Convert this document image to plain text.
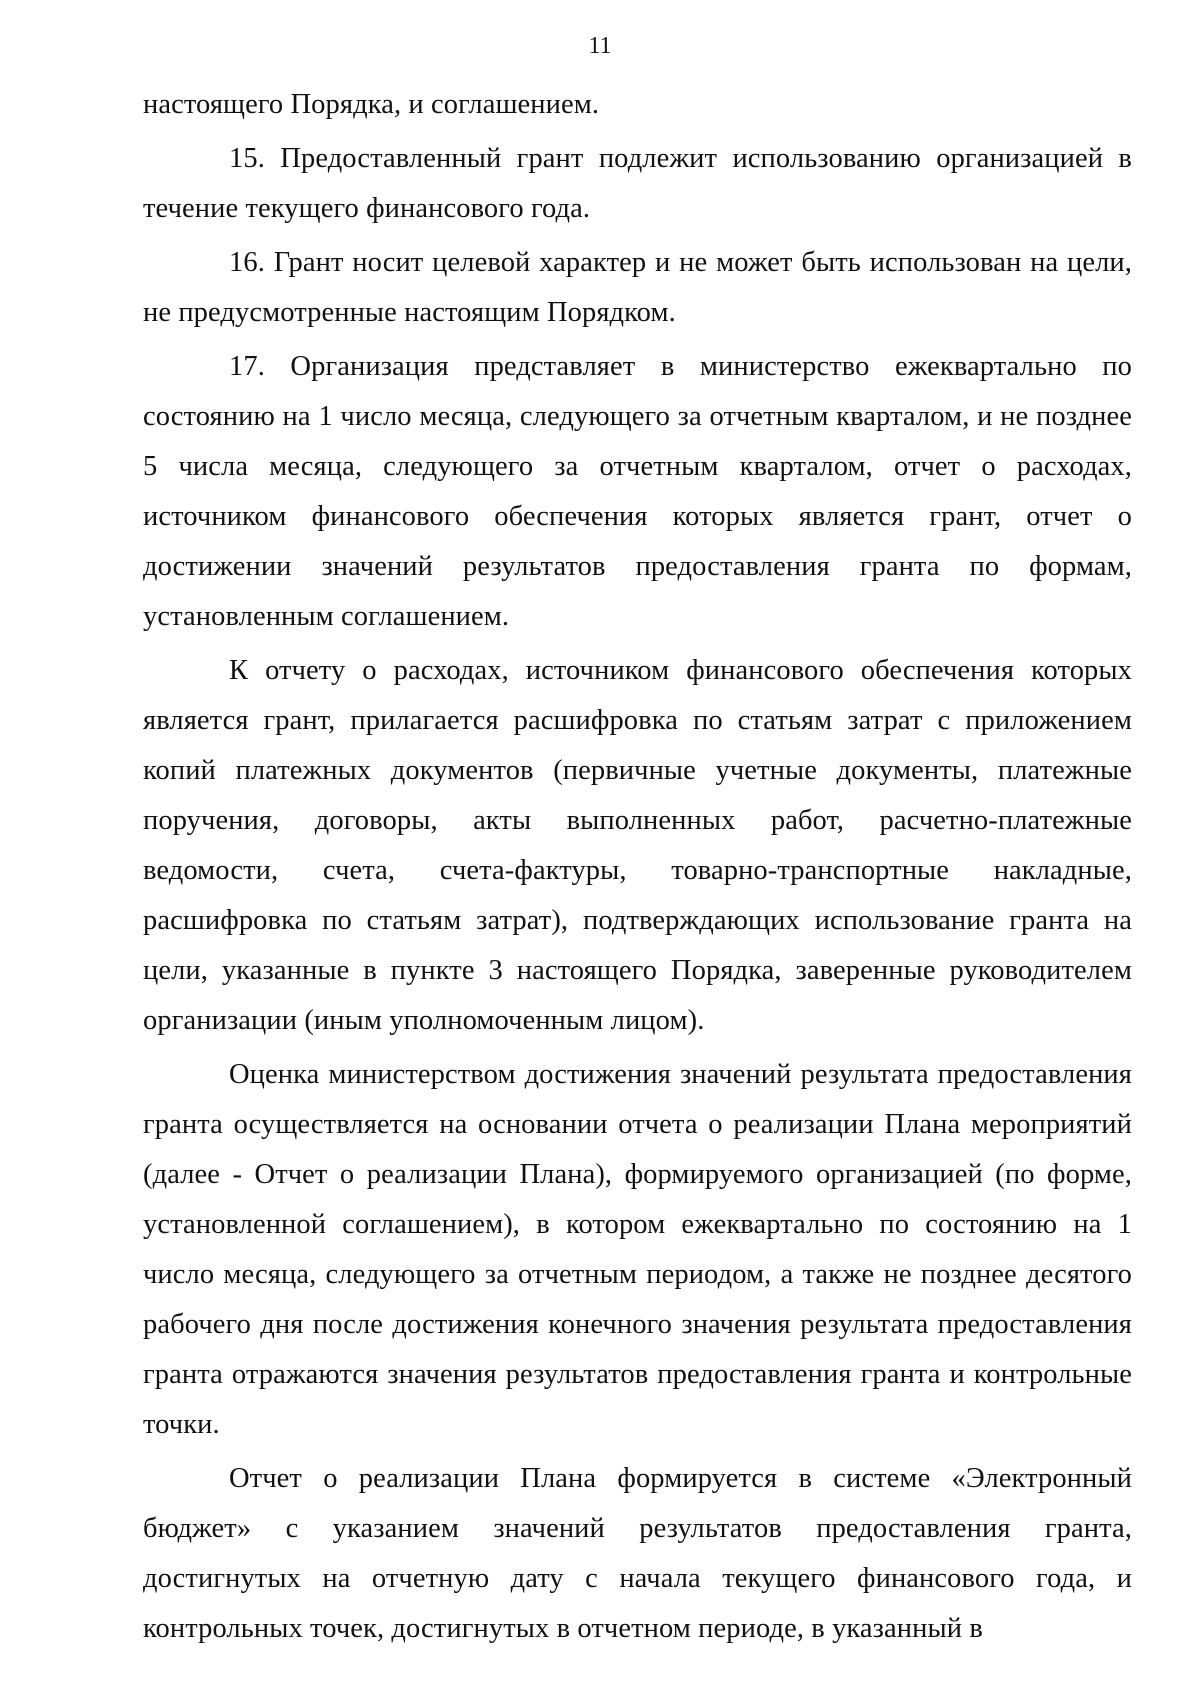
11

настоящего Порядка, и соглашением.

15. Предоставленный грант подлежит использованию организацией в течение текущего финансового года.

16. Грант носит целевой характер и не может быть использован на цели, не предусмотренные настоящим Порядком.

17. Организация представляет в министерство ежеквартально по состоянию на 1 число месяца, следующего за отчетным кварталом, и не позднее 5 числа месяца, следующего за отчетным кварталом, отчет о расходах, источником финансового обеспечения которых является грант, отчет о достижении значений результатов предоставления гранта по формам, установленным соглашением.

К отчету о расходах, источником финансового обеспечения которых является грант, прилагается расшифровка по статьям затрат с приложением копий платежных документов (первичные учетные документы, платежные поручения, договоры, акты выполненных работ, расчетно-платежные ведомости, счета, счета-фактуры, товарно-транспортные накладные, расшифровка по статьям затрат), подтверждающих использование гранта на цели, указанные в пункте 3 настоящего Порядка, заверенные руководителем организации (иным уполномоченным лицом).

Оценка министерством достижения значений результата предоставления гранта осуществляется на основании отчета о реализации Плана мероприятий (далее - Отчет о реализации Плана), формируемого организацией (по форме, установленной соглашением), в котором ежеквартально по состоянию на 1 число месяца, следующего за отчетным периодом, а также не позднее десятого рабочего дня после достижения конечного значения результата предоставления гранта отражаются значения результатов предоставления гранта и контрольные точки.

Отчет о реализации Плана формируется в системе «Электронный бюджет» с указанием значений результатов предоставления гранта, достигнутых на отчетную дату с начала текущего финансового года, и контрольных точек, достигнутых в отчетном периоде, в указанный в
